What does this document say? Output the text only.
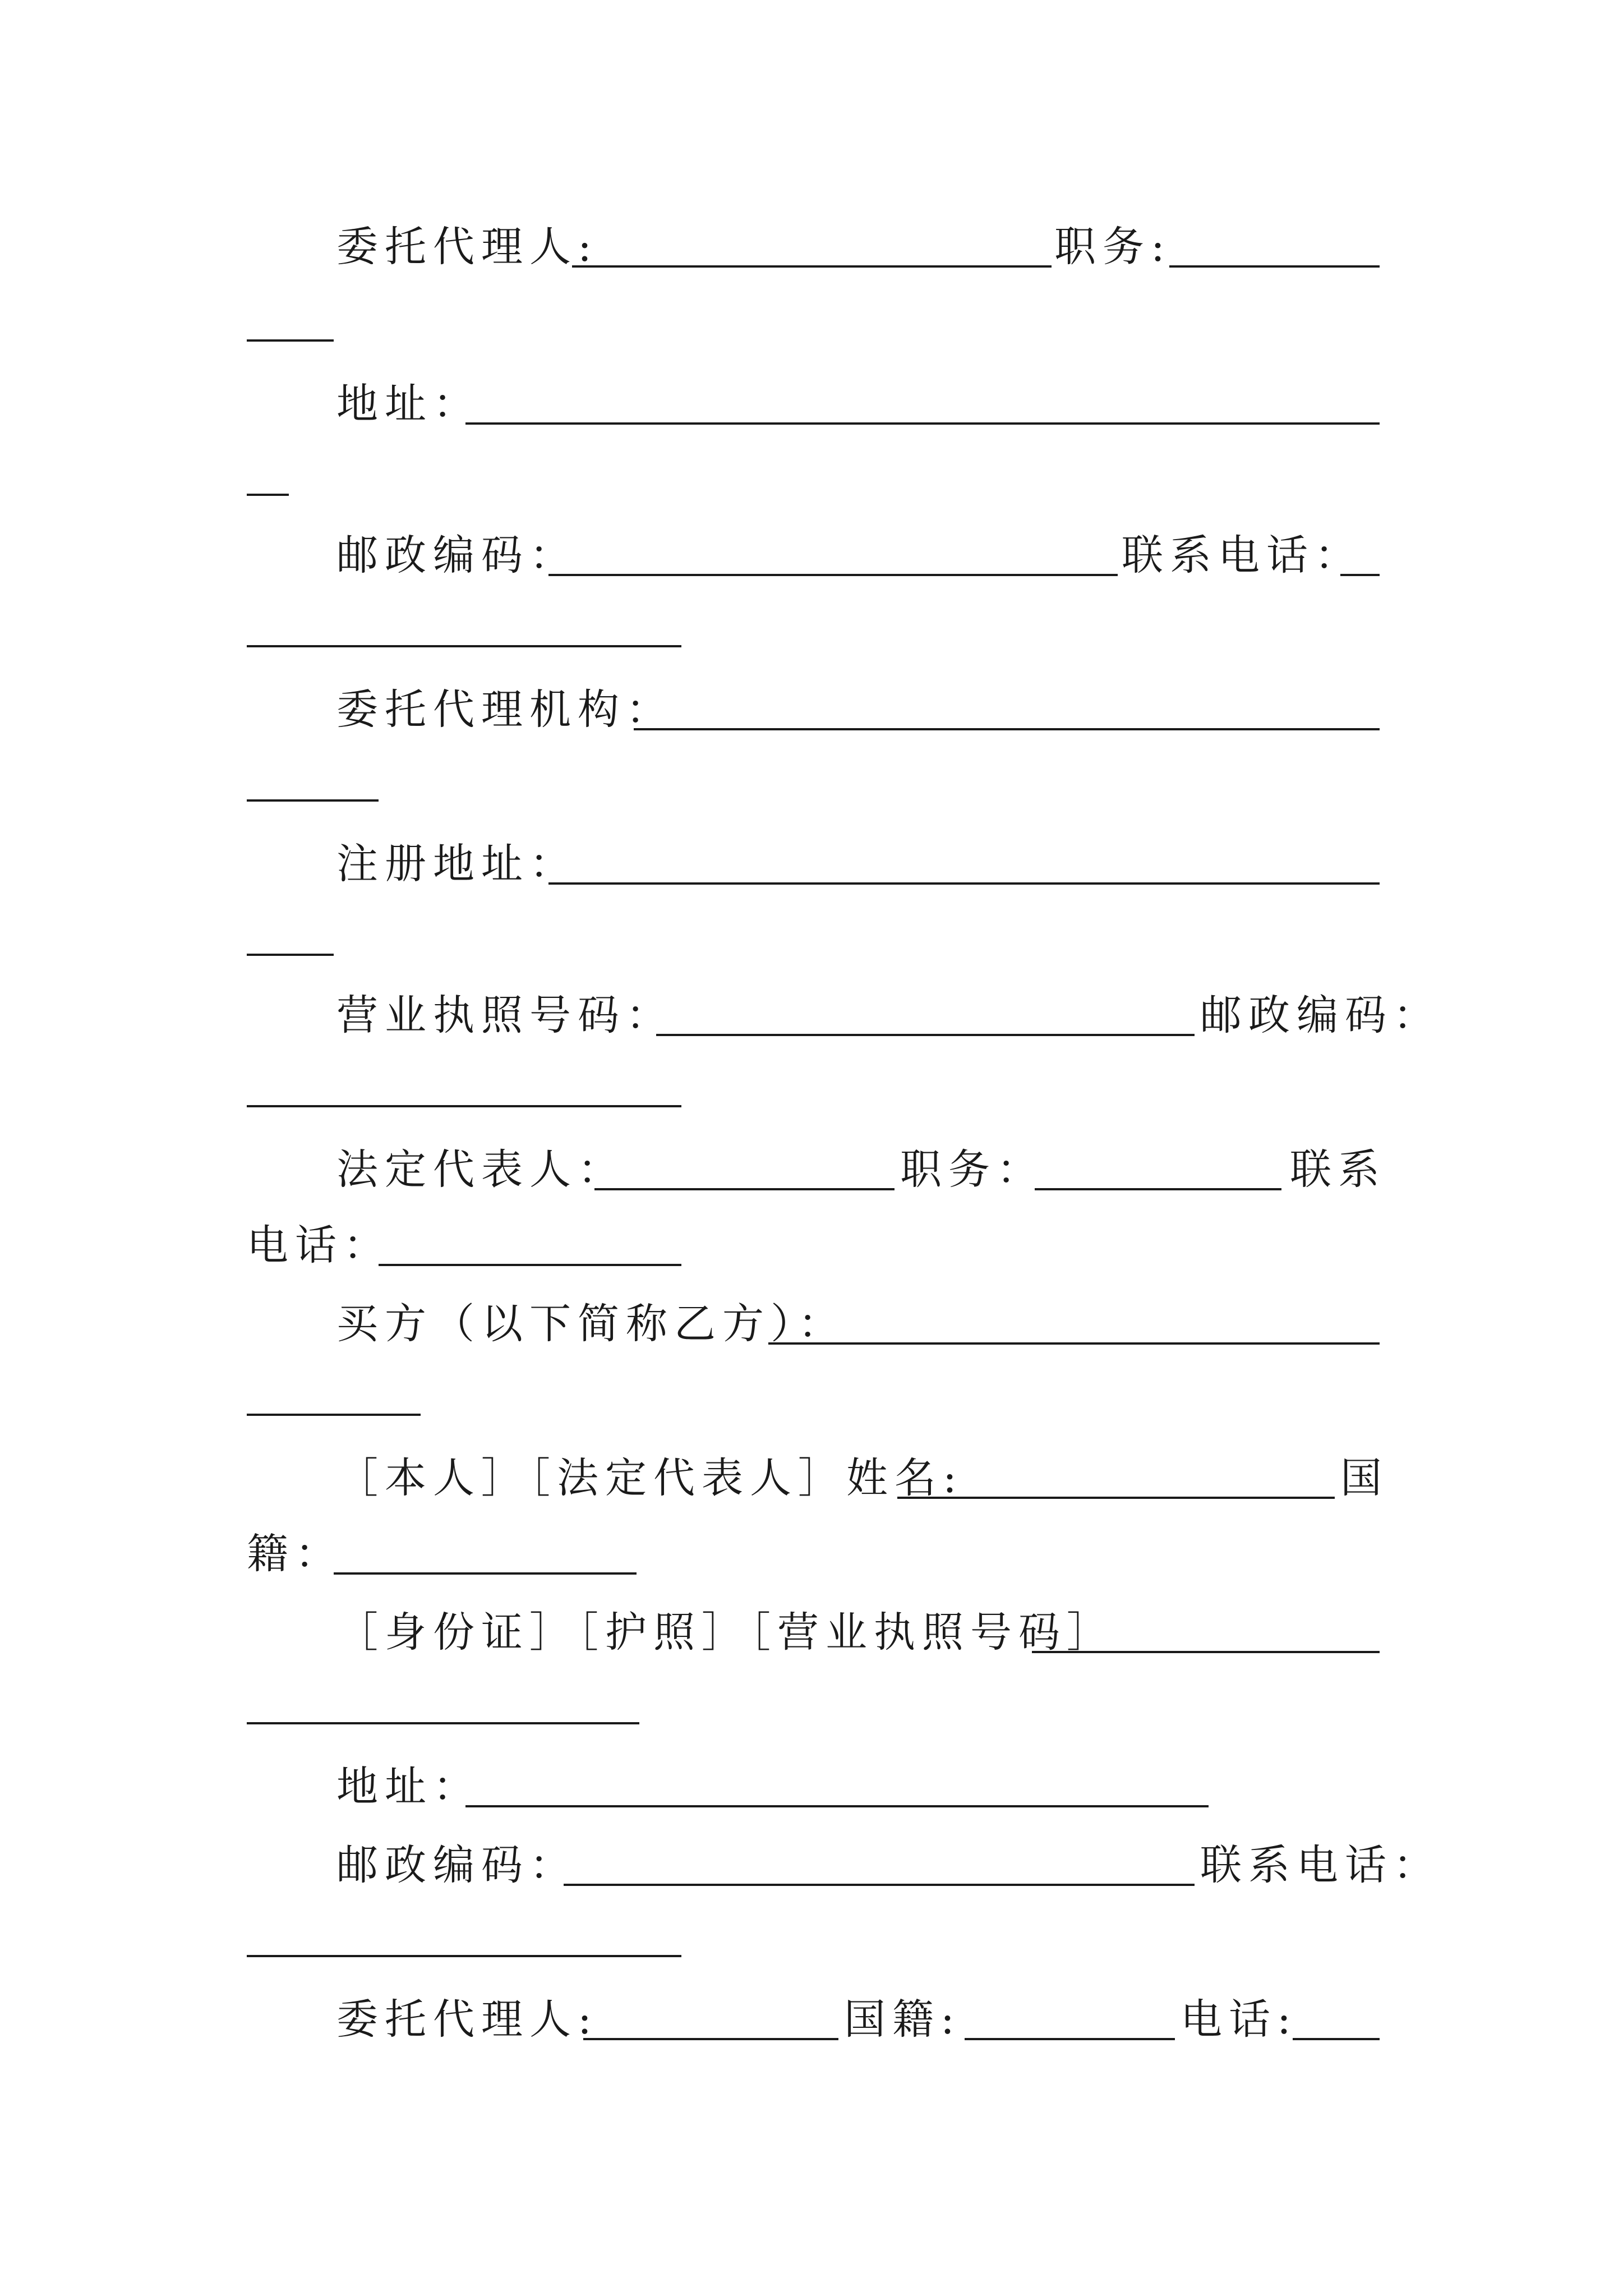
委托代理人:	职务:
地址：
邮政编码：	联系电话：
委托代理机构：
注册地址：
营业执照号码：	邮政编码：
法定代表人：	职务：	联系
电话：
买方（以下简称乙方）：
［本人］［法定代表人］姓名:	国
籍：
［身份证］［护照］［营业执照号码］
地址：
邮政编码：	联系电话：
委托代理人:	国籍:	电话:
